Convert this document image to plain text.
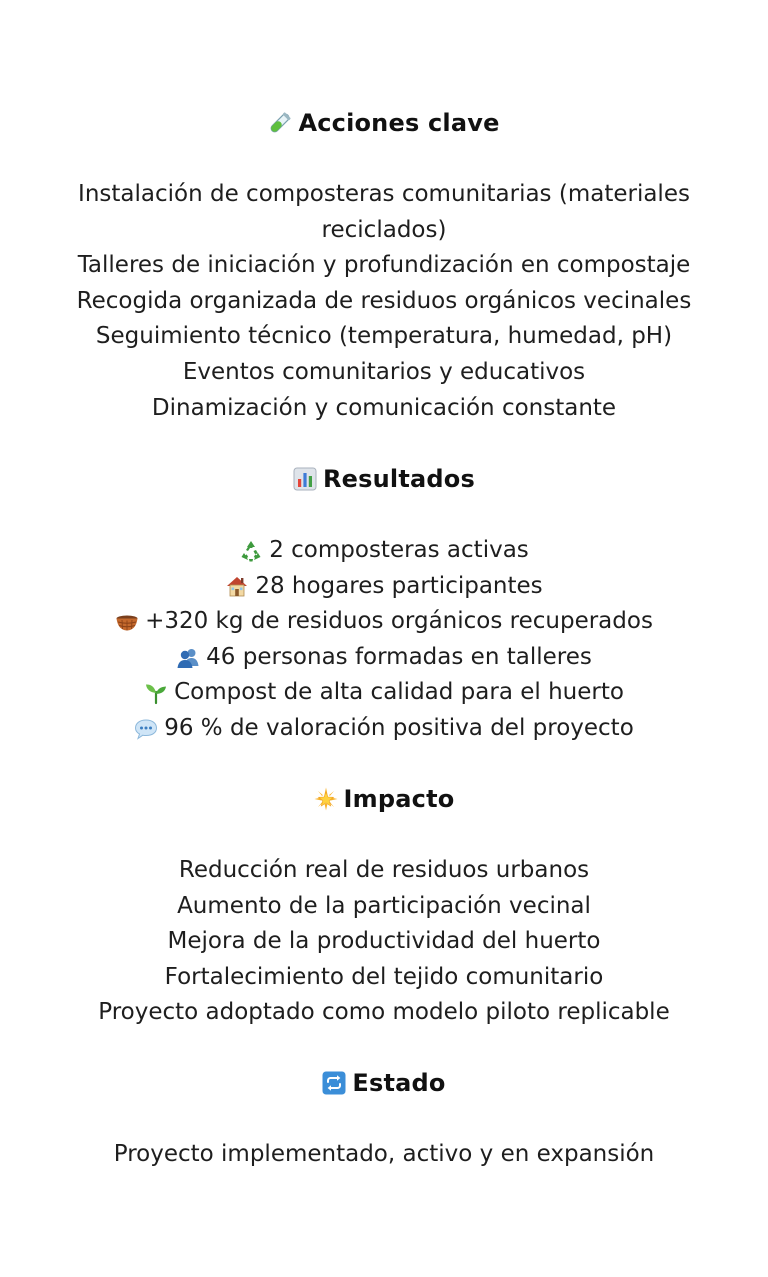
Acciones clave
Instalación de composteras comunitarias (materiales reciclados)
Talleres de iniciación y profundización en compostaje
Recogida organizada de residuos orgánicos vecinales
Seguimiento técnico (temperatura, humedad, pH)
Eventos comunitarios y educativos
Dinamización y comunicación constante
Resultados
2 composteras activas
28 hogares participantes
+320 kg de residuos orgánicos recuperados
46 personas formadas en talleres
Compost de alta calidad para el huerto
96 % de valoración positiva del proyecto
Impacto
Reducción real de residuos urbanos
Aumento de la participación vecinal
Mejora de la productividad del huerto
Fortalecimiento del tejido comunitario
Proyecto adoptado como modelo piloto replicable
Estado
Proyecto implementado, activo y en expansión
